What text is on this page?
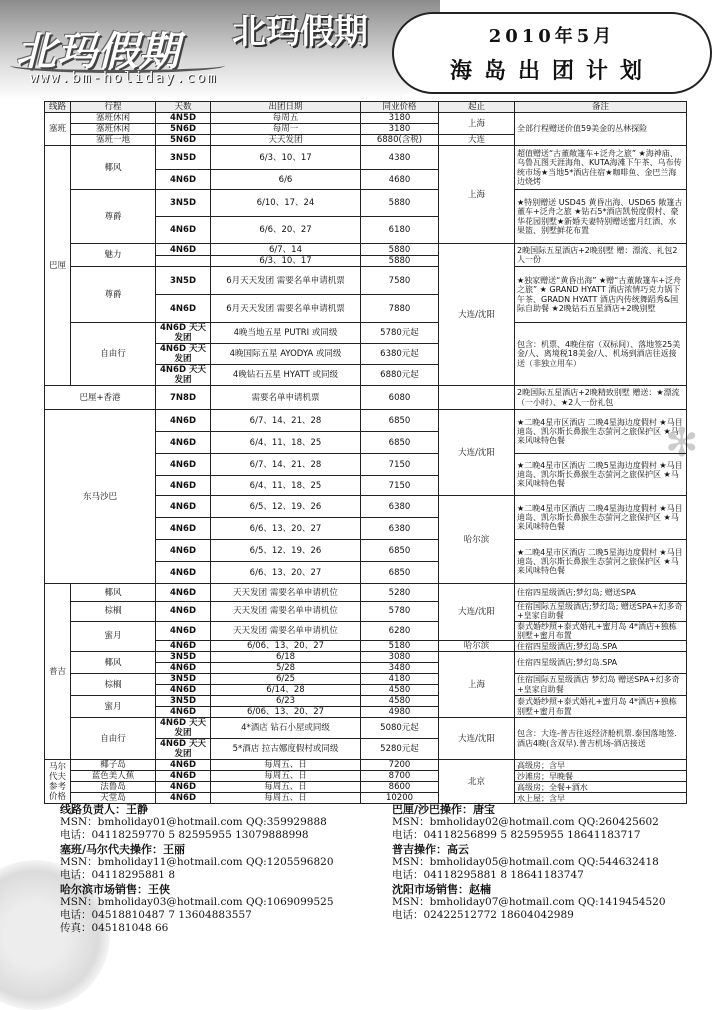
北玛假期 北玛假期
www.bm-holiday.com
2010年5月
海岛出团计划
✻
线路	行程	天数	出团日期	同业价格	起止	备注
塞班	塞班休闲	4N5D	每周五	3180	上海	全部行程赠送价值59美金的丛林探险
	塞班休闲	5N6D	每周一	3180		
	塞班一地	5N6D	天天发团	6880(含税)	大连	
巴厘	椰风	3N5D	6/3、10、17	4380	上海	超值赠送“古董敞篷车+泛舟之旅” ★海神庙、乌鲁瓦图天涯海角、KUTA海滩下午茶、乌布传统市场★当地5*酒店住宿★咖啡鱼、金巴兰海边烧烤
		4N6D	6/6	4680		
	尊爵	3N5D	6/10、17、24	5880		★特别赠送 USD45 黄昏出海、USD65 敞篷古董车+泛舟之旅 ★钻石5*酒店凯悦度假村、豪华花园别墅★新婚夫妻特别赠送蜜月红酒、水果篮、别墅鲜花布置
		4N6D	6/6、20、27	6180		
	魅力	4N6D	6/7、14	5880	大连/沈阳	2晚国际五星酒店+2晚别墅 赠：漂流、礼包2人一份
			6/3、10、17	5880		
	尊爵	3N5D	6月天天发团 需要名单申请机票	7580		★独家赠送“黄昏出海” ★赠“古董敞篷车+泛舟之旅” ★ GRAND HYATT 酒店浓情巧克力锅下午茶、GRADN HYATT 酒店内传统舞蹈秀&国际自助餐 ★2晚钻石五星酒店+2晚别墅
		4N6D	6月天天发团 需要名单申请机票	7880		
	自由行	4N6D 天天发团	4晚当地五星 PUTRI 或同级	5780元起		包含：机票、4晚住宿（双标间）、落地签25美金/人、离境税18美金/人、机场到酒店往返接送（非独立用车）
		4N6D 天天发团	4晚国际五星 AYODYA 或同级	6380元起		
		4N6D 天天发团	4晚钻石五星 HYATT 或同级	6880元起		
巴厘+香港		7N8D	需要名单申请机票	6080		2晚国际五星酒店+2晚精致别墅 赠送：★漂流（一小时）、★2人一份礼包
东马沙巴		4N6D	6/7、14、21、28	6850	大连/沈阳	★二晚4星市区酒店 二晚4星海边度假村 ★马目迪岛、凯尔斯长鼻猴生态萤河之旅保护区 ★马来风味特色餐
		4N6D	6/4、11、18、25	6850		
		4N6D	6/7、14、21、28	7150		★二晚4星市区酒店 二晚5星海边度假村 ★马目迪岛、凯尔斯长鼻猴生态萤河之旅保护区 ★马来风味特色餐
		4N6D	6/4、11、18、25	7150		
		4N6D	6/5、12、19、26	6380	哈尔滨	★二晚4星市区酒店 二晚4星海边度假村 ★马目迪岛、凯尔斯长鼻猴生态萤河之旅保护区 ★马来风味特色餐
		4N6D	6/6、13、20、27	6380		
		4N6D	6/5、12、19、26	6850		★二晚4星市区酒店 二晚5星海边度假村 ★马目迪岛、凯尔斯长鼻猴生态萤河之旅保护区 ★马来风味特色餐
		4N6D	6/6、13、20、27	6850		
普吉	椰风	4N6D	天天发团 需要名单申请机位	5280	大连/沈阳	住宿四星级酒店;梦幻岛; 赠送SPA
	棕榈	4N6D	天天发团 需要名单申请机位	5780		住宿国际五星级酒店;梦幻岛; 赠送SPA+幻多奇+皇家自助餐
	蜜月	4N6D	天天发团 需要名单申请机位	6280		泰式婚纱照+泰式婚礼+蜜月岛 4*酒店+独栋别墅+蜜月布置
		4N6D	6/06、13、20、27	5180	哈尔滨	住宿四星级酒店;梦幻岛.SPA
	椰风	3N5D	6/18	3080	上海	住宿四星级酒店;梦幻岛.SPA
		4N6D	5/28	3480		
	棕榈	3N5D	6/25	4180		住宿国际五星级酒店 梦幻岛 赠送SPA+幻多奇+皇家自助餐
		4N6D	6/14、28	4580		
	蜜月	3N5D	6/23	4580		泰式婚纱照+泰式婚礼+蜜月岛 4*酒店+独栋别墅+蜜月布置
		4N6D	6/06、13、20、27	4980		
	自由行	4N6D 天天发团	4*酒店 钻石小屋或同级	5080元起	大连/沈阳	包含：大连-普吉往返经济舱机票.泰国落地签.酒店4晚(含双早).普吉机场-酒店接送
		4N6D 天天发团	5*酒店 拉古娜度假村或同级	5280元起		
马尔代夫参考价格	椰子岛	4N6D	每周五、日	7200	北京	高级房；含早
	蓝色美人蕉	4N6D	每周五、日	8700		沙滩房；早晚餐
	法鲁岛	4N6D	每周五、日	8600		高级房；全餐+酒水
	天堂岛	4N6D	每周五、日	10200		水上屋；含早
线路负责人：王静
MSN：bmholiday01@hotmail.com QQ:359929888
电话：04118259770 5 82595955 13079888998
塞班/马尔代夫操作：王丽
MSN：bmholiday11@hotmail.com QQ:1205596820
电话：04118295881 8
哈尔滨市场销售：王侠
MSN：bmholiday03@hotmail.com QQ:1069099525
电话：04518810487 7 13604883557
传真：045181048 66
巴厘/沙巴操作：唐宝
MSN：bmholiday02@hotmail.com QQ:260425602
电话：04118256899 5 82595955 18641183717
普吉操作：高云
MSN：bmholiday05@hotmail.com QQ:544632418
电话：04118295881 8 18641183747
沈阳市场销售：赵楠
MSN：bmholiday07@hotmail.com QQ:1419454520
电话：02422512772 18604042989
